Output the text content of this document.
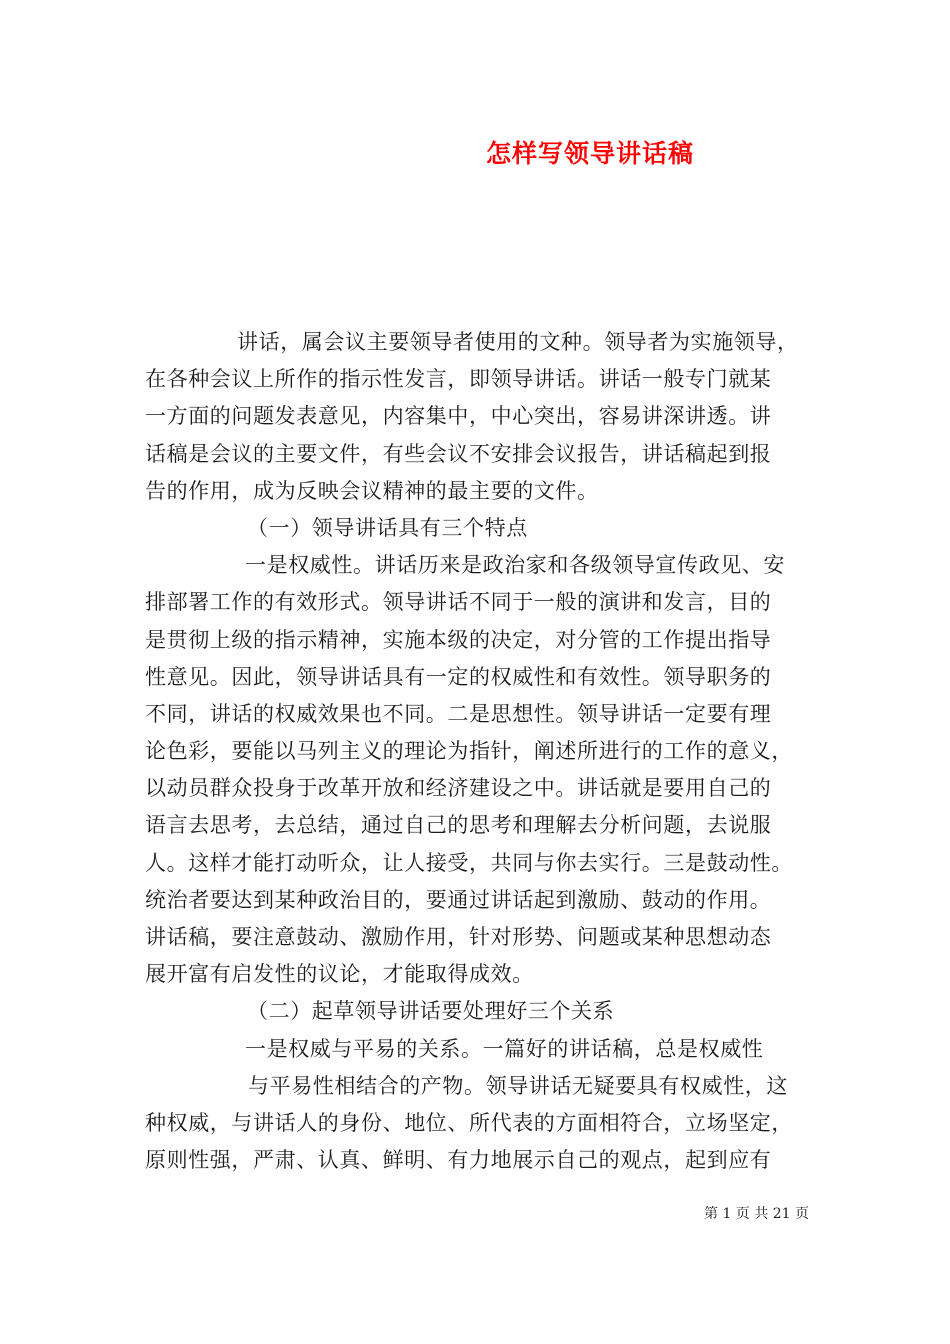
怎样写领导讲话稿
讲话，属会议主要领导者使用的文种。领导者为实施领导，
在各种会议上所作的指示性发言，即领导讲话。讲话一般专门就某
一方面的问题发表意见，内容集中，中心突出，容易讲深讲透。讲
话稿是会议的主要文件，有些会议不安排会议报告，讲话稿起到报
告的作用，成为反映会议精神的最主要的文件。
（一）领导讲话具有三个特点
一是权威性。讲话历来是政治家和各级领导宣传政见、安
排部署工作的有效形式。领导讲话不同于一般的演讲和发言，目的
是贯彻上级的指示精神，实施本级的决定，对分管的工作提出指导
性意见。因此，领导讲话具有一定的权威性和有效性。领导职务的
不同，讲话的权威效果也不同。二是思想性。领导讲话一定要有理
论色彩，要能以马列主义的理论为指针，阐述所进行的工作的意义，
以动员群众投身于改革开放和经济建设之中。讲话就是要用自己的
语言去思考，去总结，通过自己的思考和理解去分析问题，去说服
人。这样才能打动听众，让人接受，共同与你去实行。三是鼓动性。
统治者要达到某种政治目的，要通过讲话起到激励、鼓动的作用。
讲话稿，要注意鼓动、激励作用，针对形势、问题或某种思想动态
展开富有启发性的议论，才能取得成效。
（二）起草领导讲话要处理好三个关系
一是权威与平易的关系。一篇好的讲话稿，总是权威性
与平易性相结合的产物。领导讲话无疑要具有权威性，这
种权威，与讲话人的身份、地位、所代表的方面相符合，立场坚定，
原则性强，严肃、认真、鲜明、有力地展示自己的观点，起到应有
第 1 页 共 21 页
